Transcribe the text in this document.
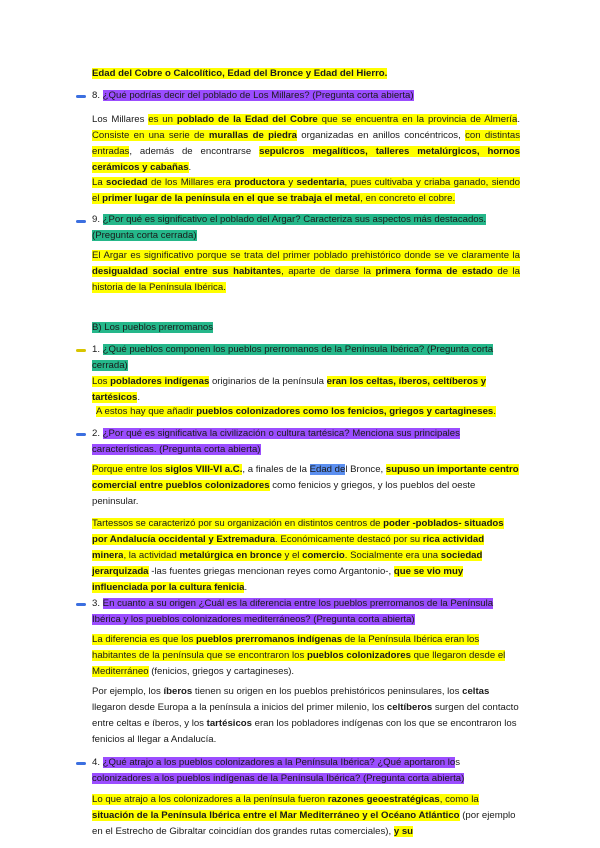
Edad del Cobre o Calcolítico, Edad del Bronce y Edad del Hierro.
8. ¿Qué podrías decir del poblado de Los Millares? (Pregunta corta abierta)
Los Millares es un poblado de la Edad del Cobre que se encuentra en la provincia de Almería. Consiste en una serie de murallas de piedra organizadas en anillos concéntricos, con distintas entradas, además de encontrarse sepulcros megalíticos, talleres metalúrgicos, hornos cerámicos y cabañas.
La sociedad de los Millares era productora y sedentaria, pues cultivaba y criaba ganado, siendo el primer lugar de la península en el que se trabaja el metal, en concreto el cobre.
9. ¿Por qué es significativo el poblado del Argar? Caracteriza sus aspectos más destacados. (Pregunta corta cerrada)
El Argar es significativo porque se trata del primer poblado prehistórico donde se ve claramente la desigualdad social entre sus habitantes, aparte de darse la primera forma de estado de la historia de la Península Ibérica.
B) Los pueblos prerromanos
1. ¿Qué pueblos componen los pueblos prerromanos de la Península Ibérica? (Pregunta corta cerrada)
Los pobladores indígenas originarios de la península eran los celtas, íberos, celtíberos y tartésicos.
A estos hay que añadir pueblos colonizadores como los fenicios, griegos y cartagineses.
2. ¿Por qué es significativa la civilización o cultura tartésica? Menciona sus principales características. (Pregunta corta abierta)
Porque entre los siglos VIII-VI a.C., a finales de la Edad del Bronce, supuso un importante centro comercial entre pueblos colonizadores como fenicios y griegos, y los pueblos del oeste peninsular.
Tartessos se caracterizó por su organización en distintos centros de poder -poblados- situados por Andalucía occidental y Extremadura. Económicamente destacó por su rica actividad minera, la actividad metalúrgica en bronce y el comercio. Socialmente era una sociedad jerarquizada -las fuentes griegas mencionan reyes como Argantonio-, que se vio muy influenciada por la cultura fenicia.
3. En cuanto a su origen ¿Cuál es la diferencia entre los pueblos prerromanos de la Península Ibérica y los pueblos colonizadores mediterráneos? (Pregunta corta abierta)
La diferencia es que los pueblos prerromanos indígenas de la Península Ibérica eran los habitantes de la península que se encontraron los pueblos colonizadores que llegaron desde el Mediterráneo (fenicios, griegos y cartagineses).
Por ejemplo, los íberos tienen su origen en los pueblos prehistóricos peninsulares, los celtas llegaron desde Europa a la península a inicios del primer milenio, los celtíberos surgen del contacto entre celtas e íberos, y los tartésicos eran los pobladores indígenas con los que se encontraron los fenicios al llegar a Andalucía.
4. ¿Qué atrajo a los pueblos colonizadores a la Península Ibérica? ¿Qué aportaron los colonizadores a los pueblos indígenas de la Península Ibérica? (Pregunta corta abierta)
Lo que atrajo a los colonizadores a la península fueron razones geoestratégicas, como la situación de la Península Ibérica entre el Mar Mediterráneo y el Océano Atlántico (por ejemplo en el Estrecho de Gibraltar coincidían dos grandes rutas comerciales), y su
